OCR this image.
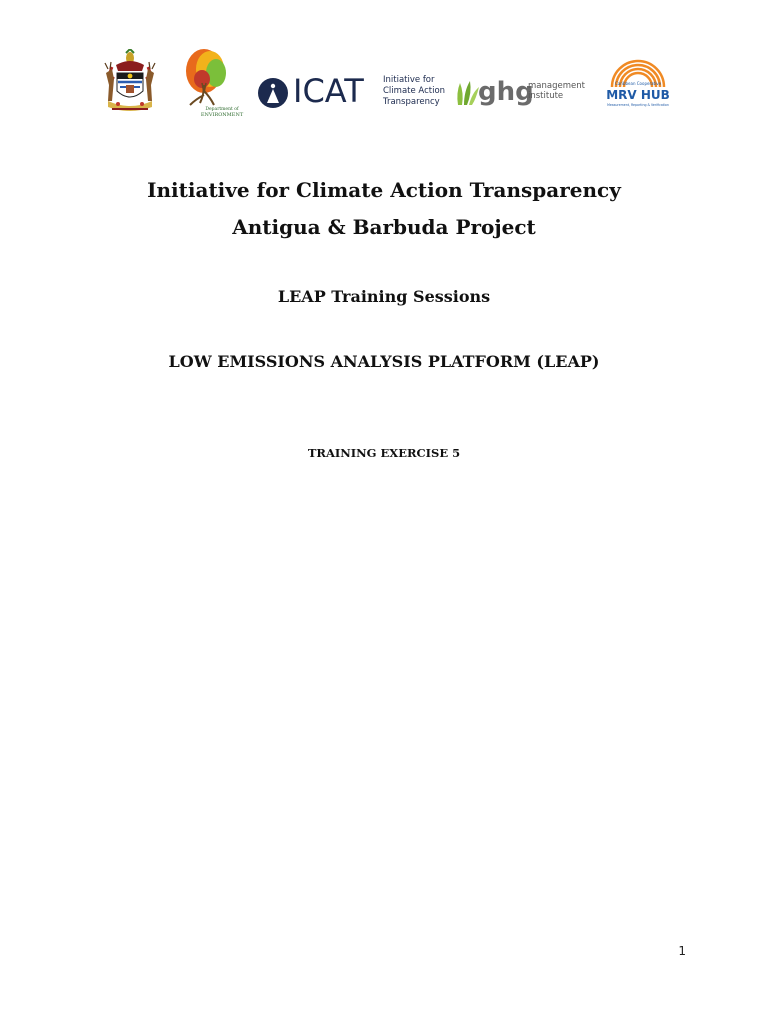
Department of
ENVIRONMENT
ICAT Initiative for
Climate Action
Transparency ghg
management
institute
Caribbean Cooperative
MRV HUB
Measurement, Reporting & Verification
Initiative for Climate Action Transparency
Antigua & Barbuda Project
LEAP Training Sessions
LOW EMISSIONS ANALYSIS PLATFORM (LEAP)
TRAINING EXERCISE 5
1
